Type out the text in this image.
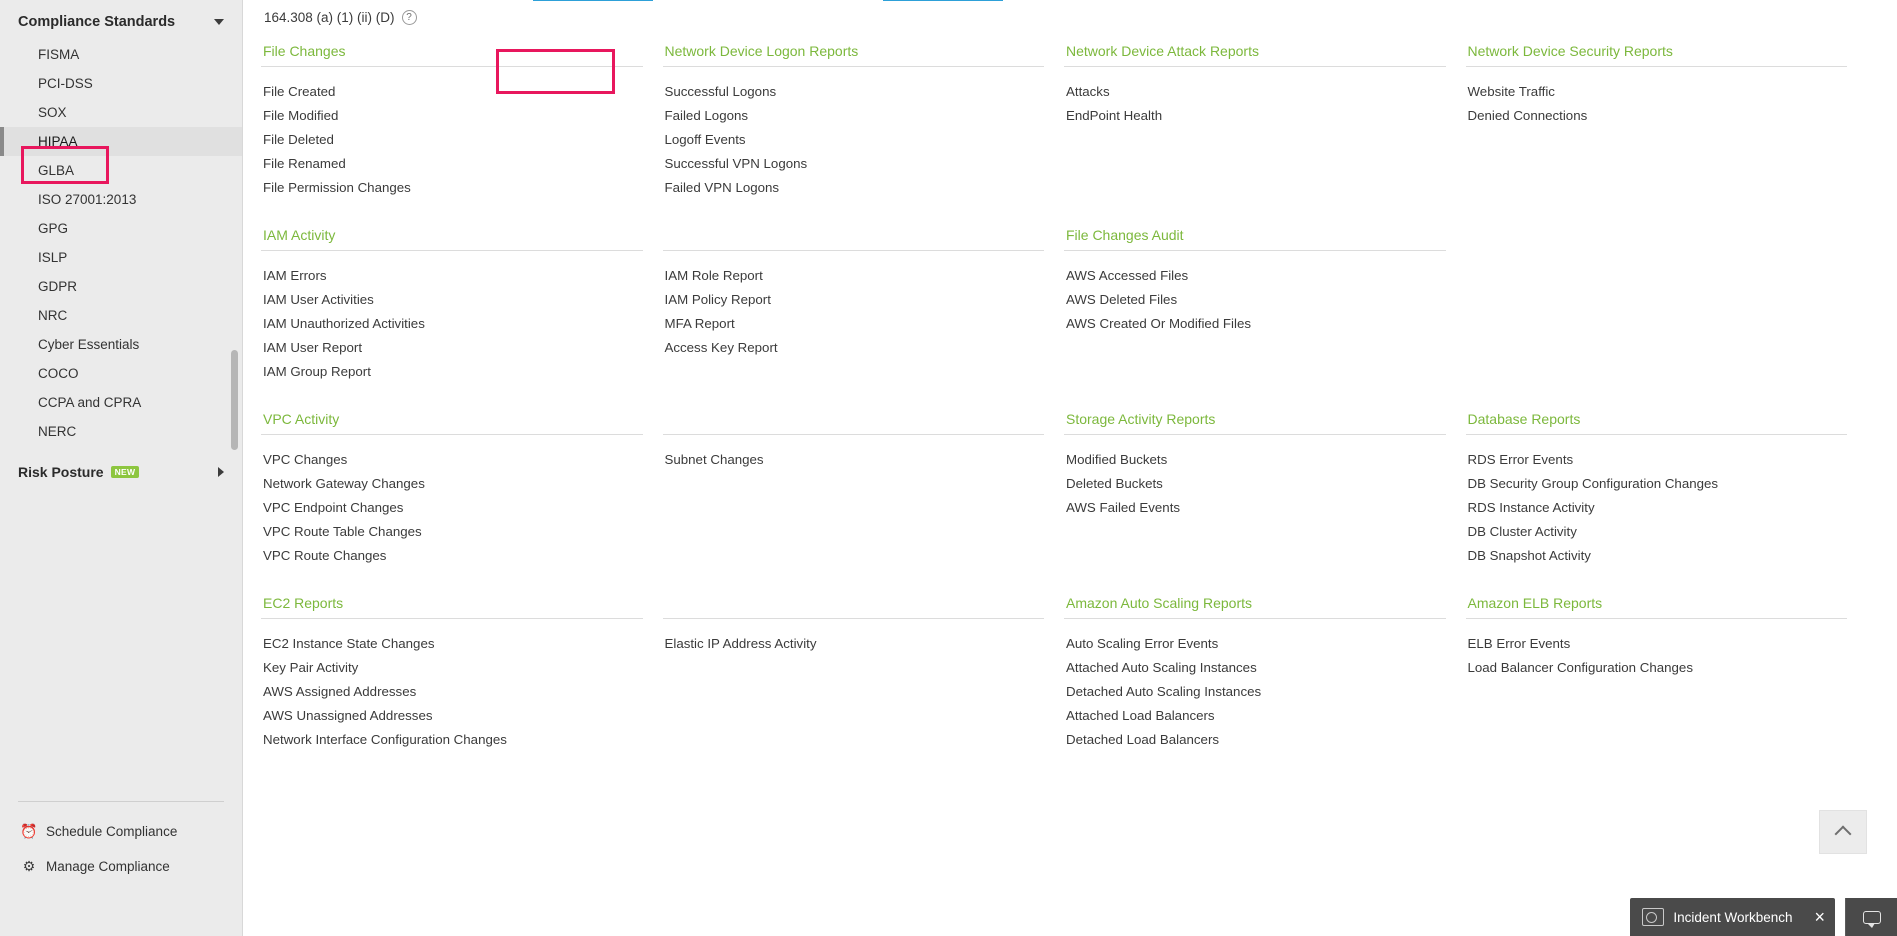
Compliance Standards
FISMA
PCI-DSS
SOX
HIPAA
GLBA
ISO 27001:2013
GPG
ISLP
GDPR
NRC
Cyber Essentials
COCO
CCPA and CPRA
NERC
Risk Posture	NEW
⏰ Schedule Compliance
⚙ Manage Compliance
164.308 (a) (1) (ii) (D)	?
File Changes
File Created
File Modified
File Deleted
File Renamed
File Permission Changes
Network Device Logon Reports
Successful Logons
Failed Logons
Logoff Events
Successful VPN Logons
Failed VPN Logons
Network Device Attack Reports
Attacks
EndPoint Health
Network Device Security Reports
Website Traffic
Denied Connections
IAM Activity
IAM Errors
IAM User Activities
IAM Unauthorized Activities
IAM User Report
IAM Group Report

IAM Role Report
IAM Policy Report
MFA Report
Access Key Report
File Changes Audit
AWS Accessed Files
AWS Deleted Files
AWS Created Or Modified Files
VPC Activity
VPC Changes
Network Gateway Changes
VPC Endpoint Changes
VPC Route Table Changes
VPC Route Changes

Subnet Changes
Storage Activity Reports
Modified Buckets
Deleted Buckets
AWS Failed Events
Database Reports
RDS Error Events
DB Security Group Configuration Changes
RDS Instance Activity
DB Cluster Activity
DB Snapshot Activity
EC2 Reports
EC2 Instance State Changes
Key Pair Activity
AWS Assigned Addresses
AWS Unassigned Addresses
Network Interface Configuration Changes

Elastic IP Address Activity
Amazon Auto Scaling Reports
Auto Scaling Error Events
Attached Auto Scaling Instances
Detached Auto Scaling Instances
Attached Load Balancers
Detached Load Balancers
Amazon ELB Reports
ELB Error Events
Load Balancer Configuration Changes
Incident Workbench ×
